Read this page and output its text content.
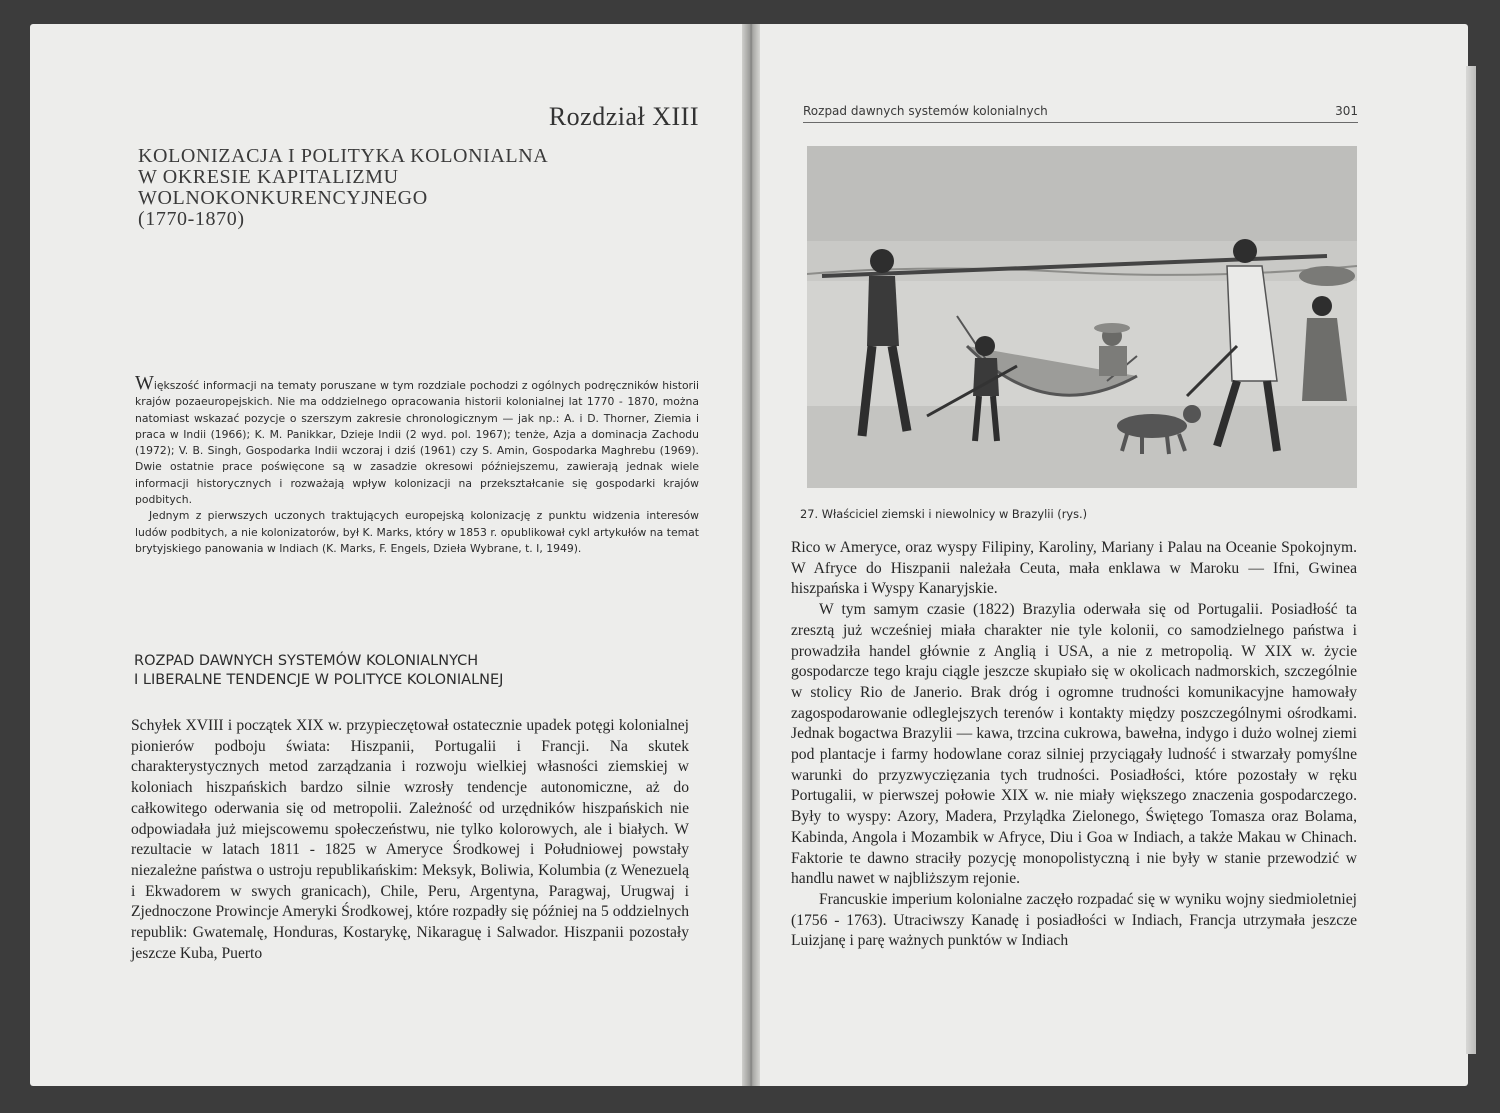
Rozdział XIII
KOLONIZACJA I POLITYKA KOLONIALNA
W OKRESIE KAPITALIZMU
WOLNOKONKURENCYJNEGO
(1770-1870)

Większość informacji na tematy poruszane w tym rozdziale pochodzi z ogólnych podręczników historii krajów pozaeuropejskich. Nie ma oddzielnego opracowania historii kolonialnej lat 1770 - 1870, można natomiast wskazać pozycje o szerszym zakresie chronologicznym — jak np.: A. i D. Thorner, Ziemia i praca w Indii (1966); K. M. Panikkar, Dzieje Indii (2 wyd. pol. 1967); tenże, Azja a dominacja Zachodu (1972); V. B. Singh, Gospodarka Indii wczoraj i dziś (1961) czy S. Amin, Gospodarka Maghrebu (1969). Dwie ostatnie prace poświęcone są w zasadzie okresowi późniejszemu, zawierają jednak wiele informacji historycznych i rozważają wpływ kolonizacji na przekształcanie się gospodarki krajów podbitych.

Jednym z pierwszych uczonych traktujących europejską kolonizację z punktu widzenia interesów ludów podbitych, a nie kolonizatorów, był K. Marks, który w 1853 r. opublikował cykl artykułów na temat brytyjskiego panowania w Indiach (K. Marks, F. Engels, Dzieła Wybrane, t. I, 1949).

ROZPAD DAWNYCH SYSTEMÓW KOLONIALNYCH
I LIBERALNE TENDENCJE W POLITYCE KOLONIALNEJ

Schyłek XVIII i początek XIX w. przypieczętował ostatecznie upadek potęgi kolonialnej pionierów podboju świata: Hiszpanii, Portugalii i Francji. Na skutek charakterystycznych metod zarządzania i rozwoju wielkiej własności ziemskiej w koloniach hiszpańskich bardzo silnie wzrosły tendencje autonomiczne, aż do całkowitego oderwania się od metropolii. Zależność od urzędników hiszpańskich nie odpowiadała już miejscowemu społeczeństwu, nie tylko kolorowych, ale i białych. W rezultacie w latach 1811 - 1825 w Ameryce Środkowej i Południowej powstały niezależne państwa o ustroju republikańskim: Meksyk, Boliwia, Kolumbia (z Wenezuelą i Ekwadorem w swych granicach), Chile, Peru, Argentyna, Paragwaj, Urugwaj i Zjednoczone Prowincje Ameryki Środkowej, które rozpadły się później na 5 oddzielnych republik: Gwatemalę, Honduras, Kostarykę, Nikaraguę i Salwador. Hiszpanii pozostały jeszcze Kuba, Puerto

Rozpad dawnych systemów kolonialnych	301
27. Właściciel ziemski i niewolnicy w Brazylii (rys.)

Rico w Ameryce, oraz wyspy Filipiny, Karoliny, Mariany i Palau na Oceanie Spokojnym. W Afryce do Hiszpanii należała Ceuta, mała enklawa w Maroku — Ifni, Gwinea hiszpańska i Wyspy Kanaryjskie.

W tym samym czasie (1822) Brazylia oderwała się od Portugalii. Posiadłość ta zresztą już wcześniej miała charakter nie tyle kolonii, co samodzielnego państwa i prowadziła handel głównie z Anglią i USA, a nie z metropolią. W XIX w. życie gospodarcze tego kraju ciągle jeszcze skupiało się w okolicach nadmorskich, szczególnie w stolicy Rio de Janerio. Brak dróg i ogromne trudności komunikacyjne hamowały zagospodarowanie odleglejszych terenów i kontakty między poszczególnymi ośrodkami. Jednak bogactwa Brazylii — kawa, trzcina cukrowa, bawełna, indygo i dużo wolnej ziemi pod plantacje i farmy hodowlane coraz silniej przyciągały ludność i stwarzały pomyślne warunki do przyzwyczięzania tych trudności. Posiadłości, które pozostały w ręku Portugalii, w pierwszej połowie XIX w. nie miały większego znaczenia gospodarczego. Były to wyspy: Azory, Madera, Przylądka Zielonego, Świętego Tomasza oraz Bolama, Kabinda, Angola i Mozambik w Afryce, Diu i Goa w Indiach, a także Makau w Chinach. Faktorie te dawno straciły pozycję monopolistyczną i nie były w stanie przewodzić w handlu nawet w najbliższym rejonie.

Francuskie imperium kolonialne zaczęło rozpadać się w wyniku wojny siedmioletniej (1756 - 1763). Utraciwszy Kanadę i posiadłości w Indiach, Francja utrzymała jeszcze Luizjanę i parę ważnych punktów w Indiach
